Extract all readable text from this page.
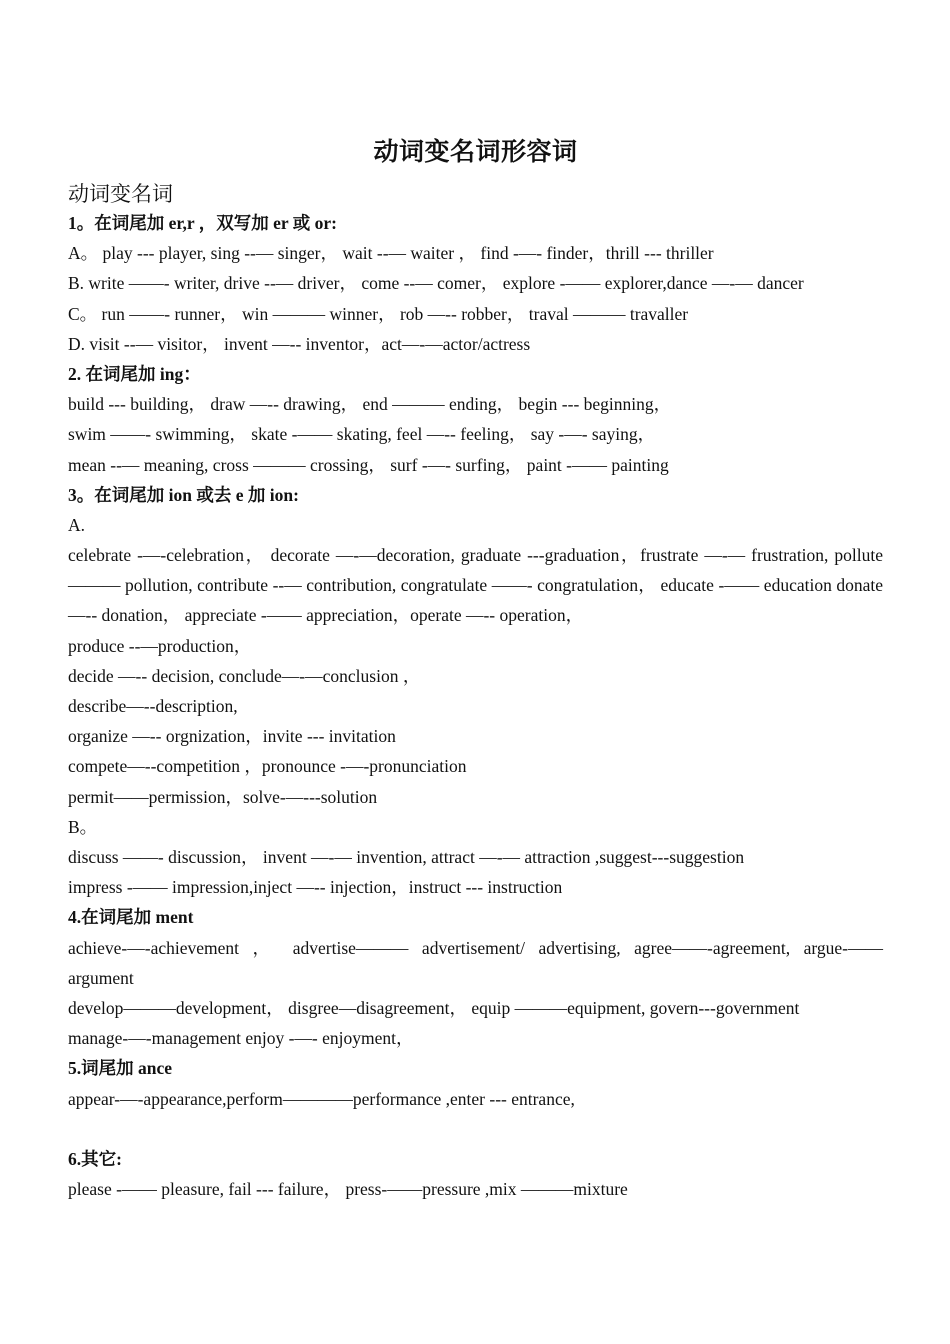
动词变名词形容词
动词变名词
1。在词尾加 er,r ，双写加 er 或 or:
A。 play --- player, sing --— singer， wait --— waiter ， find -—- finder，thrill --- thriller
B. write ——- writer, drive --— driver， come --— comer， explore -—— explorer,dance —-— dancer
C。 run ——- runner， win ——— winner， rob —-- robber， traval ——— travaller
D. visit --— visitor， invent —-- inventor，act—-—actor/actress
2. 在词尾加 ing：
build --- building， draw —-- drawing， end ——— ending， begin --- beginning，
swim ——- swimming， skate -—— skating, feel —-- feeling， say -—- saying，
mean --— meaning, cross ——— crossing， surf -—- surfing， paint -—— painting
3。在词尾加 ion 或去 e 加 ion:
A.
celebrate -—-celebration， decorate —-—decoration, graduate ---graduation，frustrate —-— frustration, pollute ——— pollution, contribute --— contribution, congratulate ——- congratulation， educate -—— education donate —-- donation， appreciate -—— appreciation，operate —-- operation，
produce --—production，
decide —-- decision, conclude—-—conclusion ，
describe—--description,
organize —-- orgnization，invite --- invitation
compete—--competition ，pronounce -—-pronunciation
permit——permission，solve-—---solution
B。
discuss ——- discussion， invent —-— invention, attract —-— attraction ,suggest---suggestion
impress -—— impression,inject —-- injection，instruct --- instruction
4.在词尾加 ment
achieve-—-achievement ， advertise——— advertisement/ advertising, agree——-agreement, argue-——argument
develop———development， disgree—disagreement， equip ———equipment, govern---government
manage-—-management enjoy -—- enjoyment，
5.词尾加 ance
appear-—-appearance,perform————performance ,enter --- entrance,
6.其它:
please -—— pleasure, fail --- failure， press-——pressure ,mix ———mixture
